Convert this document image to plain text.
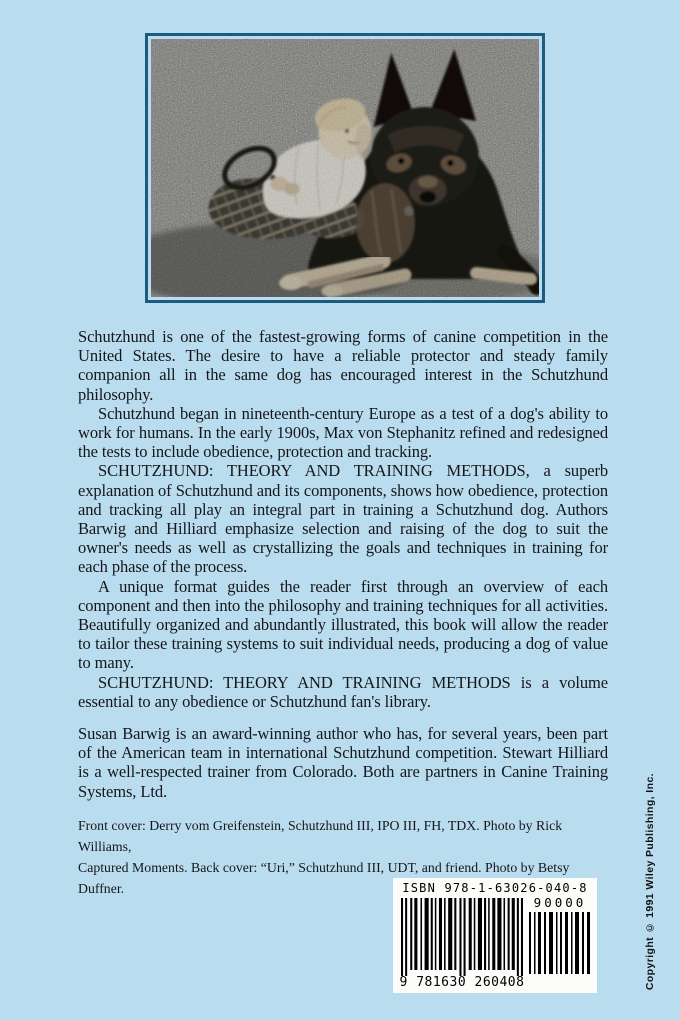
Schutzhund is one of the fastest-growing forms of canine competition in the United States. The desire to have a reliable protector and steady family companion all in the same dog has encouraged interest in the Schutzhund philosophy.

Schutzhund began in nineteenth-century Europe as a test of a dog's ability to work for humans. In the early 1900s, Max von Stephanitz refined and redesigned the tests to include obedience, protection and tracking.

SCHUTZHUND: THEORY AND TRAINING METHODS, a superb explanation of Schutzhund and its components, shows how obedience, protection and tracking all play an integral part in training a Schutzhund dog. Authors Barwig and Hilliard emphasize selection and raising of the dog to suit the owner's needs as well as crystallizing the goals and techniques in training for each phase of the process.

A unique format guides the reader first through an overview of each component and then into the philosophy and training techniques for all activities. Beautifully organized and abundantly illustrated, this book will allow the reader to tailor these training systems to suit individual needs, producing a dog of value to many.

SCHUTZHUND: THEORY AND TRAINING METHODS is a volume essential to any obedience or Schutzhund fan's library.

Susan Barwig is an award-winning author who has, for several years, been part of the American team in international Schutzhund competition. Stewart Hilliard is a well-respected trainer from Colorado. Both are partners in Canine Training Systems, Ltd.

Front cover: Derry vom Greifenstein, Schutzhund III, IPO III, FH, TDX. Photo by Rick Williams,
Captured Moments. Back cover: “Uri,” Schutzhund III, UDT, and friend. Photo by Betsy Duffner.	ISBN 978-1-63026-040-8
9 781630 260408
90000	Copyright © 1991 Wiley Publishing, Inc.
